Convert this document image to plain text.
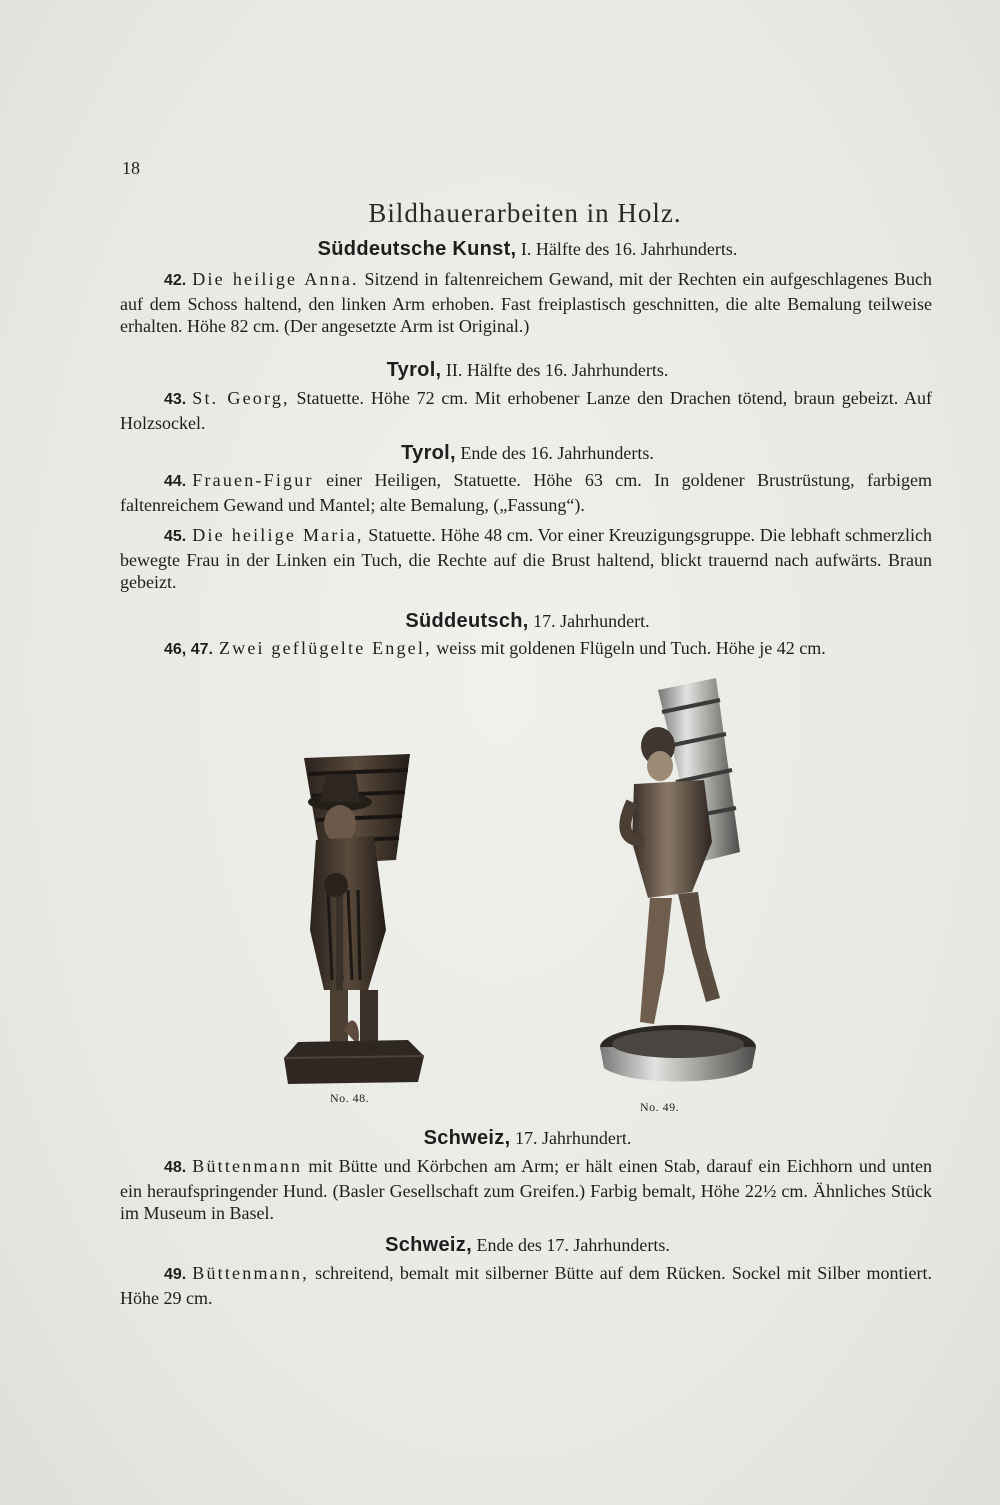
18
Bildhauerarbeiten in Holz.
Süddeutsche Kunst, I. Hälfte des 16. Jahrhunderts.
42. Die heilige Anna. Sitzend in faltenreichem Gewand, mit der Rechten ein aufgeschlagenes Buch auf dem Schoss haltend, den linken Arm erhoben. Fast freiplastisch geschnitten, die alte Bemalung teilweise erhalten. Höhe 82 cm. (Der angesetzte Arm ist Original.)
Tyrol, II. Hälfte des 16. Jahrhunderts.
43. St. Georg, Statuette. Höhe 72 cm. Mit erhobener Lanze den Drachen tötend, braun gebeizt. Auf Holzsockel.
Tyrol, Ende des 16. Jahrhunderts.
44. Frauen-Figur einer Heiligen, Statuette. Höhe 63 cm. In goldener Brustrüstung, farbigem faltenreichem Gewand und Mantel; alte Bemalung, („Fassung“).
45. Die heilige Maria, Statuette. Höhe 48 cm. Vor einer Kreuzigungsgruppe. Die lebhaft schmerzlich bewegte Frau in der Linken ein Tuch, die Rechte auf die Brust haltend, blickt trauernd nach aufwärts. Braun gebeizt.
Süddeutsch, 17. Jahrhundert.
46, 47. Zwei geflügelte Engel, weiss mit goldenen Flügeln und Tuch. Höhe je 42 cm.
No. 48.
No. 49.
Schweiz, 17. Jahrhundert.
48. Büttenmann mit Bütte und Körbchen am Arm; er hält einen Stab, darauf ein Eichhorn und unten ein heraufspringender Hund. (Basler Gesellschaft zum Greifen.) Farbig bemalt, Höhe 22½ cm. Ähnliches Stück im Museum in Basel.
Schweiz, Ende des 17. Jahrhunderts.
49. Büttenmann, schreitend, bemalt mit silberner Bütte auf dem Rücken. Sockel mit Silber montiert. Höhe 29 cm.
